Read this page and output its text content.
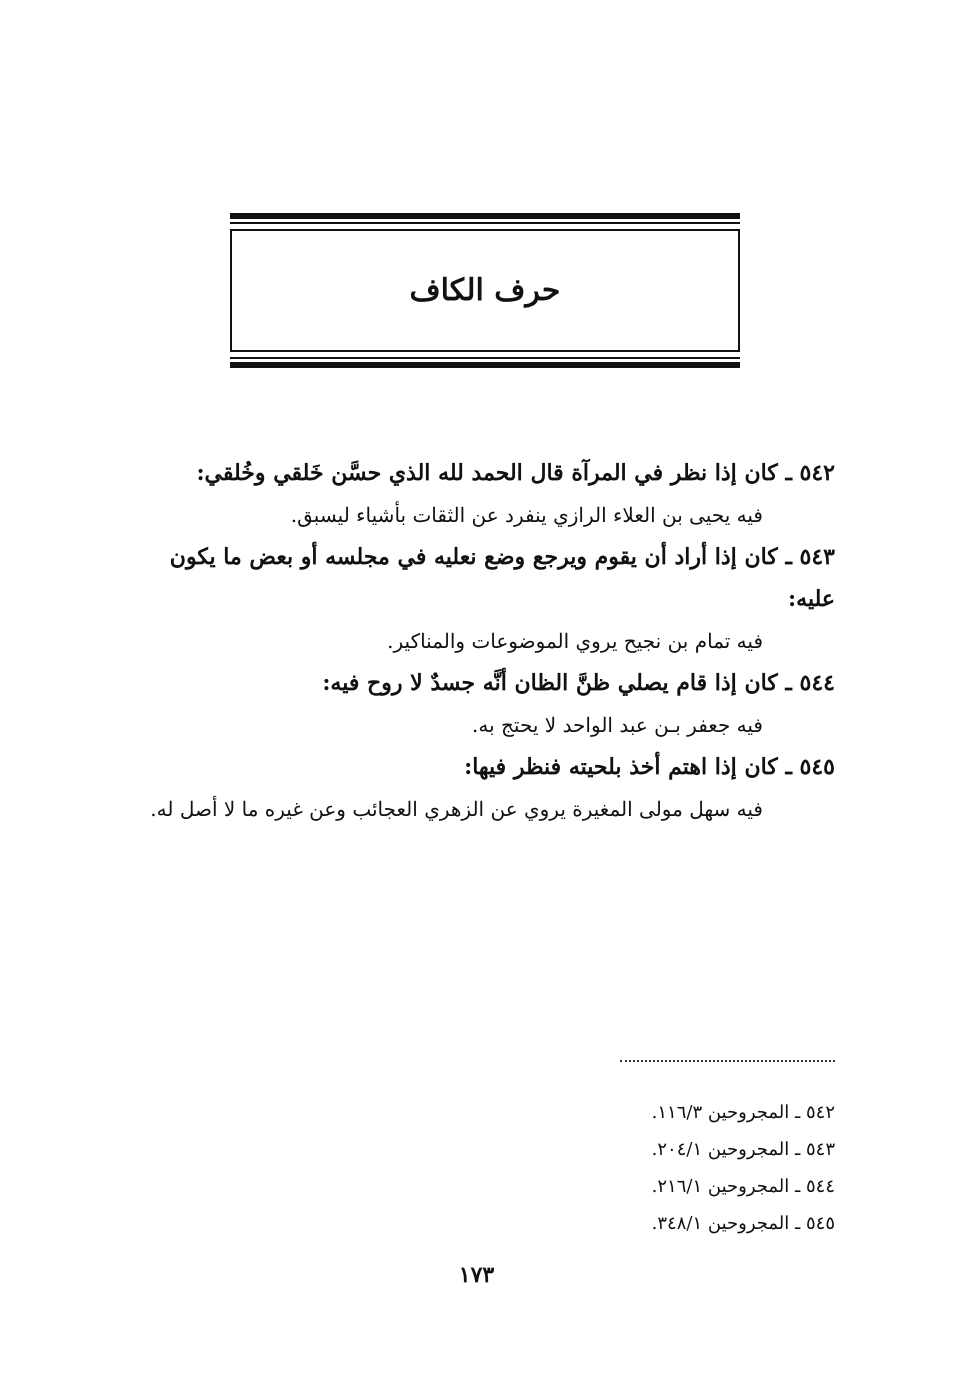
حرف الكاف
٥٤٢ ـ كان إذا نظر في المرآة قال الحمد لله الذي حسَّن خَلقي وخُلقي:
فيه يحيى بن العلاء الرازي ينفرد عن الثقات بأشياء ليسبق.
٥٤٣ ـ كان إذا أراد أن يقوم ويرجع وضع نعليه في مجلسه أو بعض ما يكون عليه:
فيه تمام بن نجيح يروي الموضوعات والمناكير.
٥٤٤ ـ كان إذا قام يصلي ظنَّ الظان أنَّه جسدٌ لا روح فيه:
فيه جعفر بـن عبد الواحد لا يحتج به.
٥٤٥ ـ كان إذا اهتم أخذ بلحيته فنظر فيها:
فيه سهل مولى المغيرة يروي عن الزهري العجائب وعن غيره ما لا أصل له.
٥٤٢ ـ المجروحين ١١٦/٣.
٥٤٣ ـ المجروحين ٢٠٤/١.
٥٤٤ ـ المجروحين ٢١٦/١.
٥٤٥ ـ المجروحين ٣٤٨/١.
١٧٣
